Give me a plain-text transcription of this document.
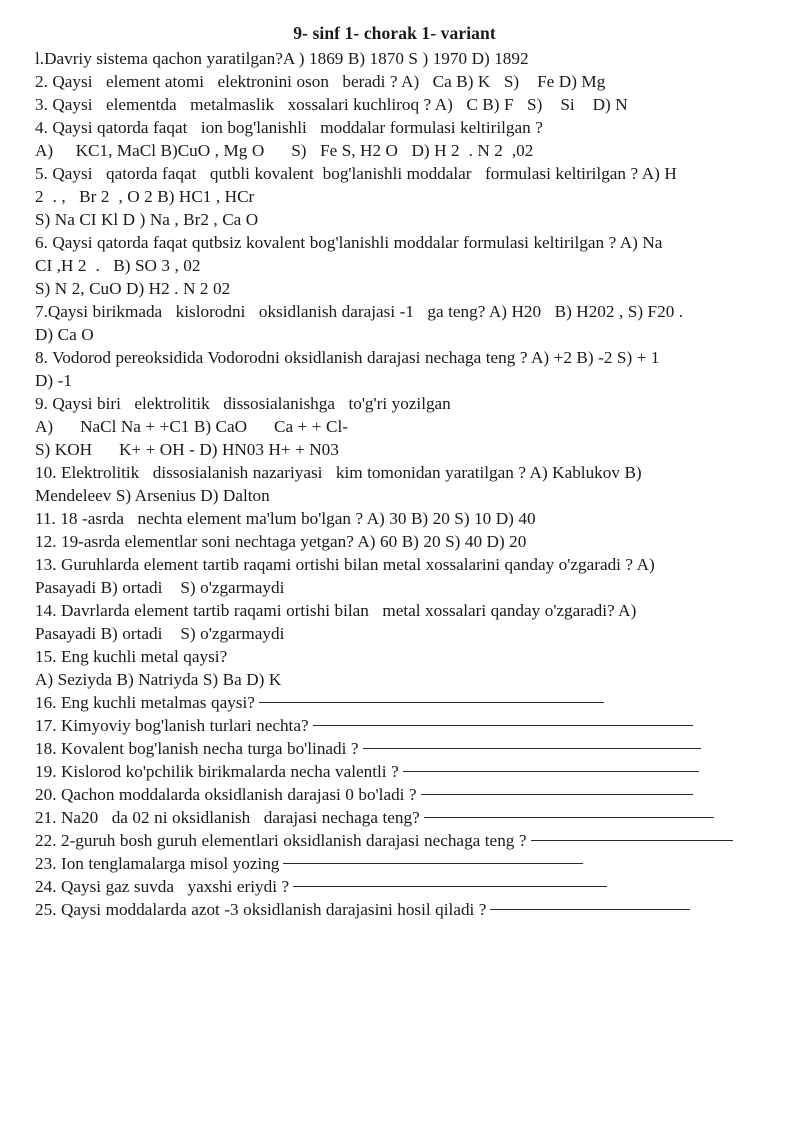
9- sinf 1- chorak 1- variant

l.Davriy sistema qachon yaratilgan?A ) 1869 B) 1870 S ) 1970 D) 1892

2. Qaysi   element atomi   elektronini oson   beradi ? A)   Ca B) K   S)    Fe D) Mg

3. Qaysi   elementda   metalmaslik   xossalari kuchliroq ? A)   C B) F   S)    Si    D) N

4. Qaysi qatorda faqat   ion bog'lanishli   moddalar formulasi keltirilgan ?

A)     KC1, MaCl B)CuO , Mg O      S)   Fe S, H2 O   D) H 2  . N 2  ,02

5. Qaysi   qatorda faqat   qutbli kovalent  bog'lanishli moddalar   formulasi keltirilgan ? A) H

2  . ,   Br 2  , O 2 B) HC1 , HCr

S) Na CI Kl D ) Na , Br2 , Ca O

6. Qaysi qatorda faqat qutbsiz kovalent bog'lanishli moddalar formulasi keltirilgan ? A) Na

CI ,H 2  .   B) SO 3 , 02

S) N 2, CuO D) H2 . N 2 02

7.Qaysi birikmada   kislorodni   oksidlanish darajasi -1   ga teng? A) H20   B) H202 , S) F20 .

D) Ca O

8. Vodorod pereoksidida Vodorodni oksidlanish darajasi nechaga teng ? A) +2 B) -2 S) + 1

D) -1

9. Qaysi biri   elektrolitik   dissosialanishga   to'g'ri yozilgan

A)      NaCl Na + +C1 B) CaO      Ca + + Cl-

S) KOH      K+ + OH - D) HN03 H+ + N03

10. Elektrolitik   dissosialanish nazariyasi   kim tomonidan yaratilgan ? A) Kablukov B)

Mendeleev S) Arsenius D) Dalton

11. 18 -asrda   nechta element ma'lum bo'lgan ? A) 30 B) 20 S) 10 D) 40

12. 19-asrda elementlar soni nechtaga yetgan? A) 60 B) 20 S) 40 D) 20

13. Guruhlarda element tartib raqami ortishi bilan metal xossalarini qanday o'zgaradi ? A)

Pasayadi B) ortadi    S) o'zgarmaydi

14. Davrlarda element tartib raqami ortishi bilan   metal xossalari qanday o'zgaradi? A)

Pasayadi B) ortadi    S) o'zgarmaydi

15. Eng kuchli metal qaysi?

A) Seziyda B) Natriyda S) Ba D) K

16. Eng kuchli metalmas qaysi?

17. Kimyoviy bog'lanish turlari nechta?

18. Kovalent bog'lanish necha turga bo'linadi ?

19. Kislorod ko'pchilik birikmalarda necha valentli ?

20. Qachon moddalarda oksidlanish darajasi 0 bo'ladi ?

21. Na20   da 02 ni oksidlanish   darajasi nechaga teng?

22. 2-guruh bosh guruh elementlari oksidlanish darajasi nechaga teng ?

23. Ion tenglamalarga misol yozing

24. Qaysi gaz suvda   yaxshi eriydi ?

25. Qaysi moddalarda azot -3 oksidlanish darajasini hosil qiladi ?
